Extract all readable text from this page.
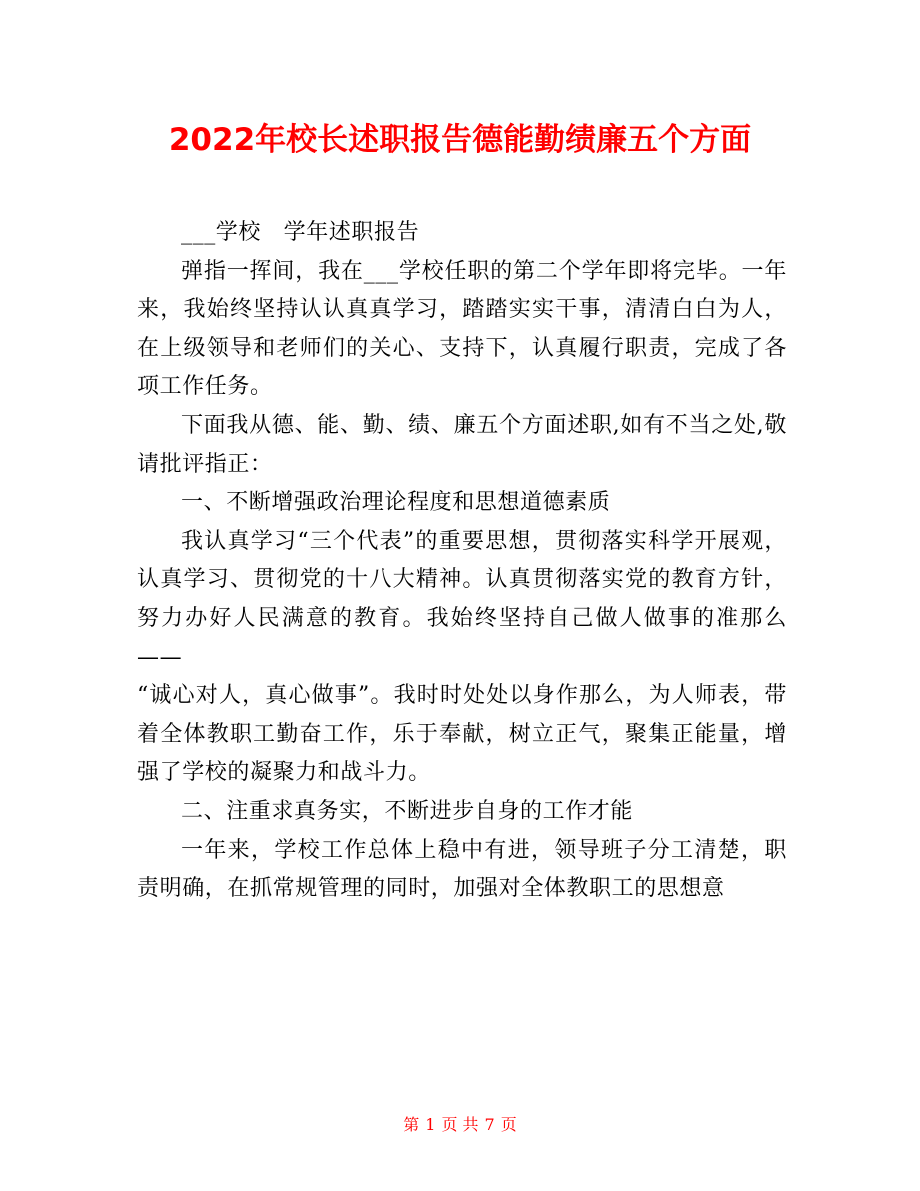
2022年校长述职报告德能勤绩廉五个方面

___学校　学年述职报告

弹指一挥间，我在___学校任职的第二个学年即将完毕。一年来，我始终坚持认认真真学习，踏踏实实干事，清清白白为人，在上级领导和老师们的关心、支持下，认真履行职责，完成了各项工作任务。

下面我从德、能、勤、绩、廉五个方面述职,如有不当之处,敬请批评指正：

一、不断增强政治理论程度和思想道德素质

我认真学习“三个代表”的重要思想，贯彻落实科学开展观，认真学习、贯彻党的十八大精神。认真贯彻落实党的教育方针，努力办好人民满意的教育。我始终坚持自己做人做事的准那么——

“诚心对人，真心做事”。我时时处处以身作那么，为人师表，带着全体教职工勤奋工作，乐于奉献，树立正气，聚集正能量，增强了学校的凝聚力和战斗力。

二、注重求真务实，不断进步自身的工作才能

一年来，学校工作总体上稳中有进，领导班子分工清楚，职责明确，在抓常规管理的同时，加强对全体教职工的思想意

第 1 页 共 7 页
